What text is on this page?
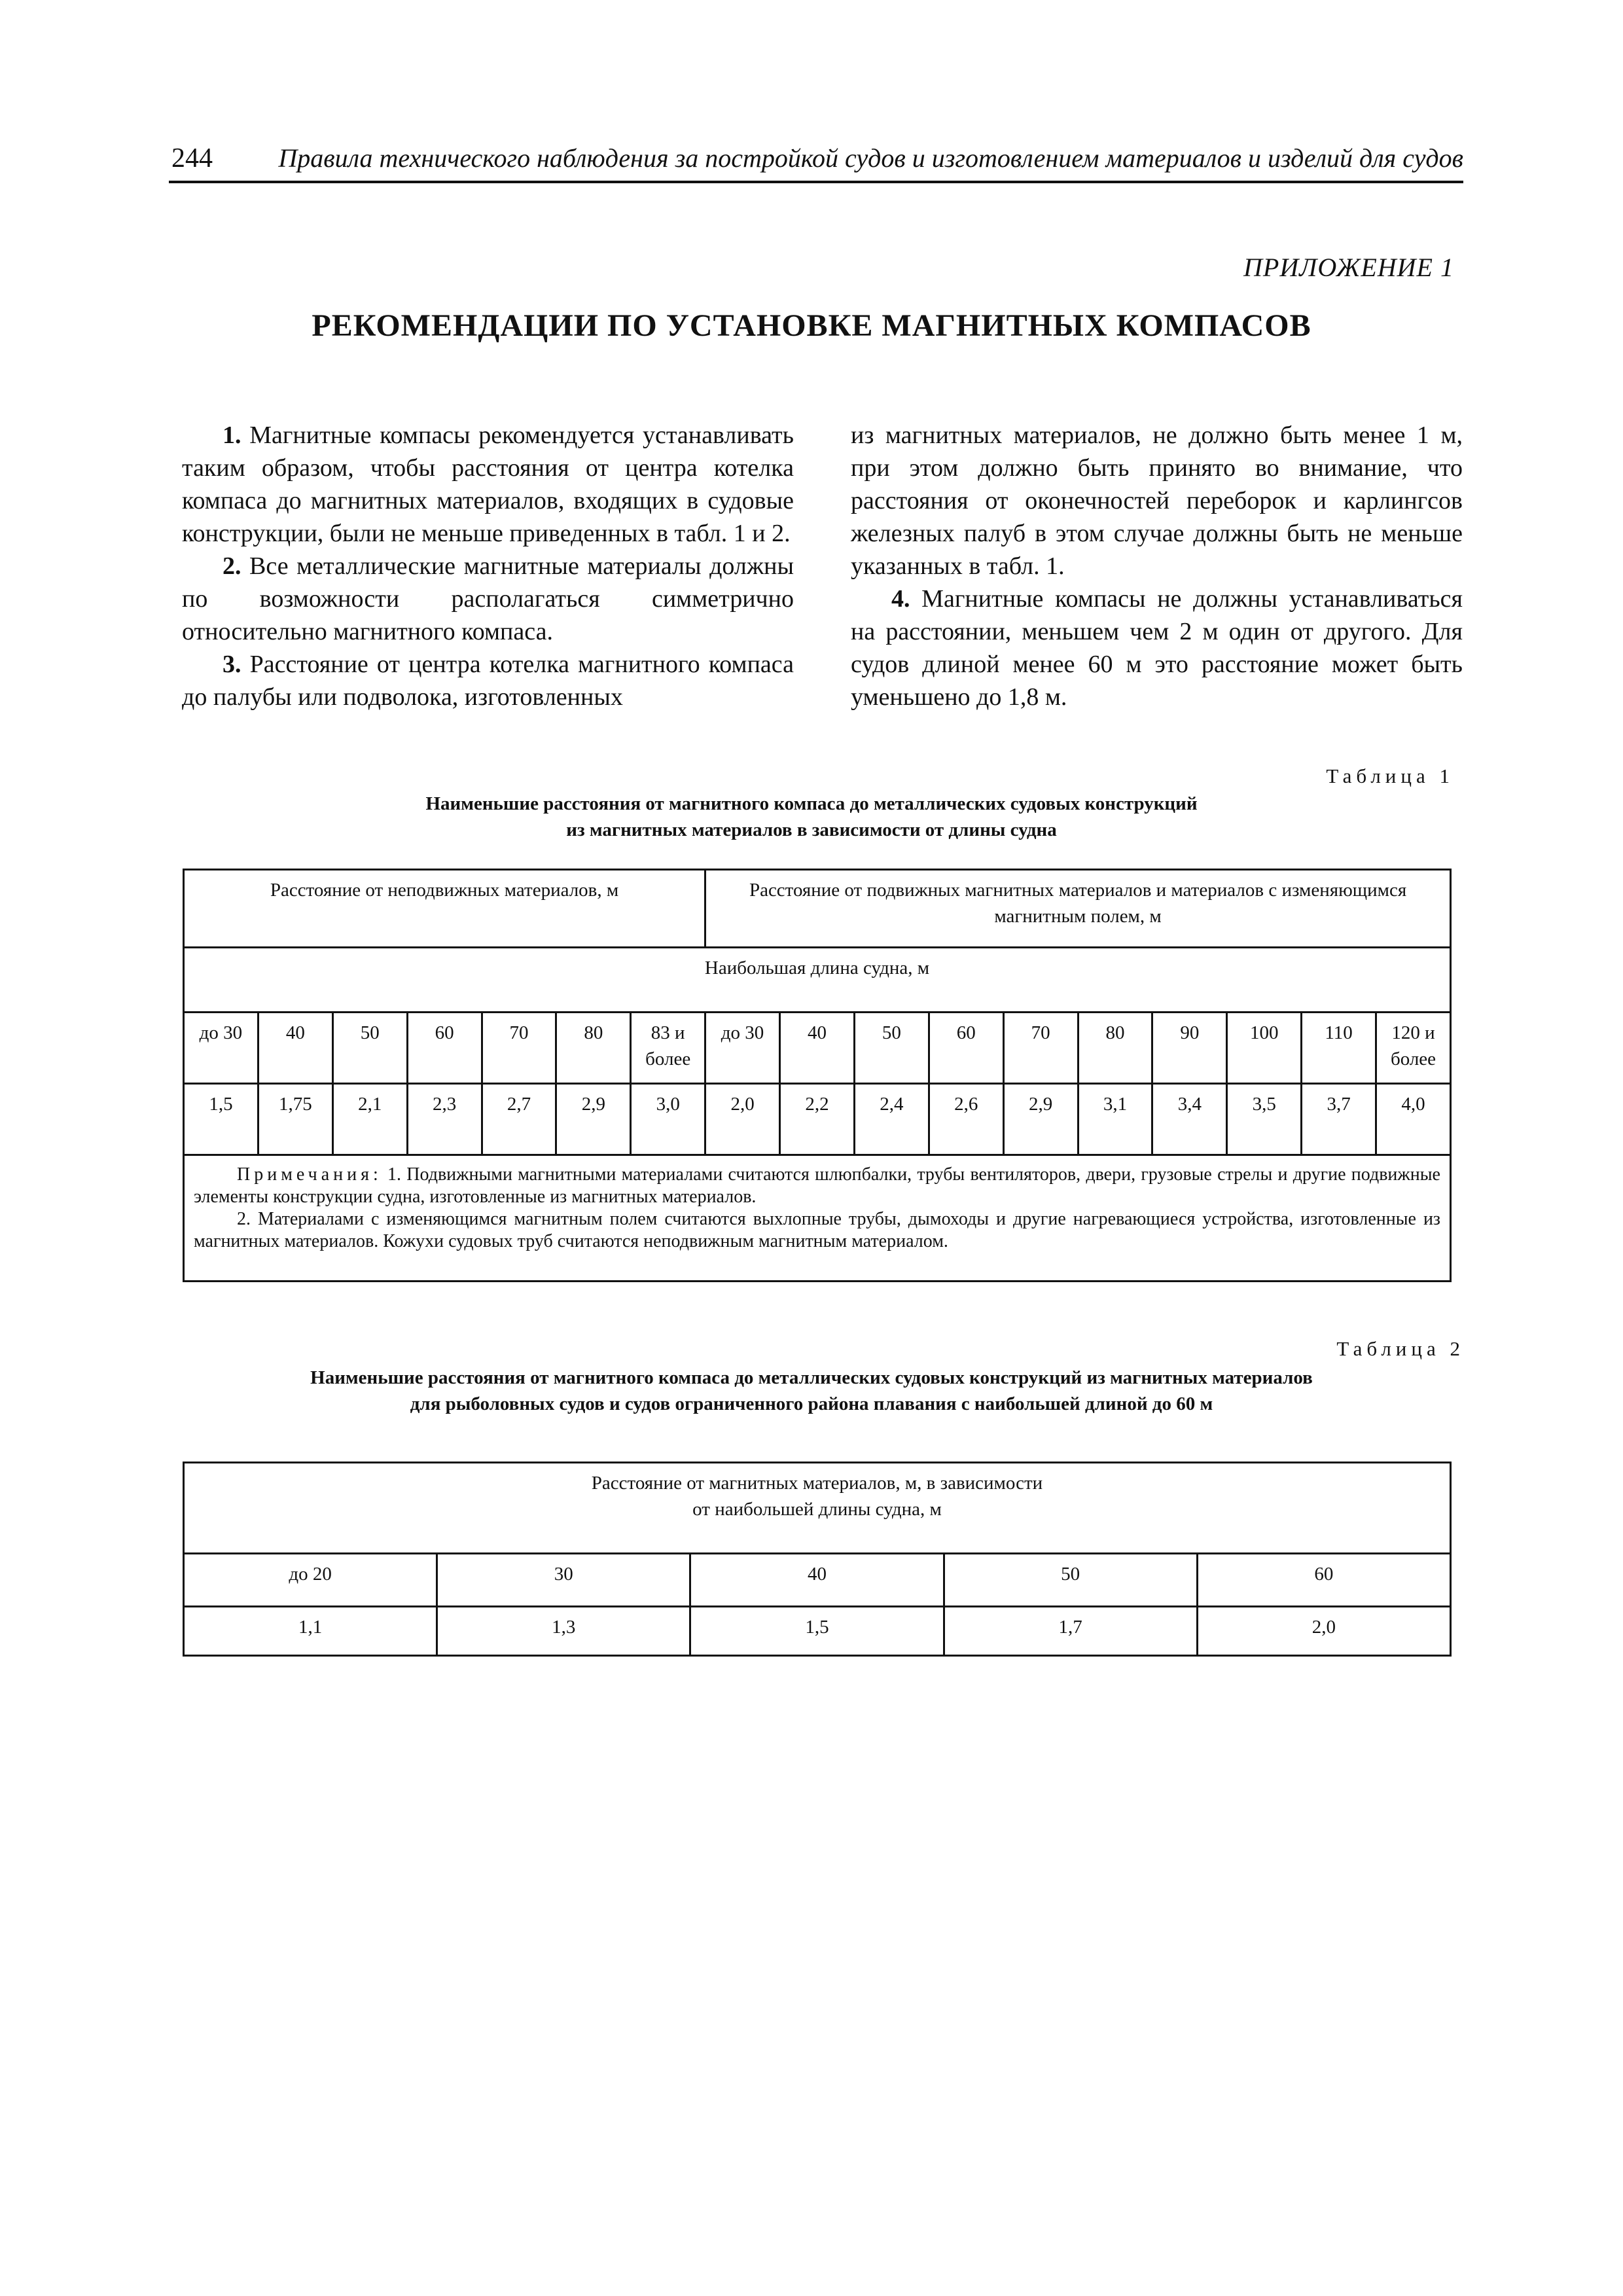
244	Правила технического наблюдения за постройкой судов и изготовлением материалов и изделий для судов
ПРИЛОЖЕНИЕ 1
РЕКОМЕНДАЦИИ ПО УСТАНОВКЕ МАГНИТНЫХ КОМПАСОВ

1. Магнитные компасы рекомендуется устанавливать таким образом, чтобы расстояния от центра котелка компаса до магнитных материалов, входящих в судовые конструкции, были не меньше приведенных в табл. 1 и 2.

2. Все металлические магнитные материалы должны по возможности располагаться симметрично относительно магнитного компаса.

3. Расстояние от центра котелка магнитного компаса до палубы или подволока, изготовленных

из магнитных материалов, не должно быть менее 1 м, при этом должно быть принято во внимание, что расстояния от оконечностей переборок и карлингсов железных палуб в этом случае должны быть не меньше указанных в табл. 1.

4. Магнитные компасы не должны устанавливаться на расстоянии, меньшем чем 2 м один от другого. Для судов длиной менее 60 м это расстояние может быть уменьшено до 1,8 м.

Таблица 1
Наименьшие расстояния от магнитного компаса до металлических судовых конструкций
из магнитных материалов в зависимости от длины судна
Расстояние от неподвижных материалов, м							Расстояние от подвижных магнитных материалов и материалов с изменяющимся магнитным полем, м									
Наибольшая длина судна, м																
до 30	40	50	60	70	80	83 и более	до 30	40	50	60	70	80	90	100	110	120 и более
1,5	1,75	2,1	2,3	2,7	2,9	3,0	2,0	2,2	2,4	2,6	2,9	3,1	3,4	3,5	3,7	4,0

Примечания: 1. Подвижными магнитными материалами считаются шлюпбалки, трубы вентиляторов, двери, грузовые стрелы и другие подвижные элементы конструкции судна, изготовленные из магнитных материалов.

2. Материалами с изменяющимся магнитным полем считаются выхлопные трубы, дымоходы и другие нагревающиеся устройства, изготовленные из магнитных материалов. Кожухи судовых труб считаются неподвижным магнитным материалом.																

Таблица 2
Наименьшие расстояния от магнитного компаса до металлических судовых конструкций из магнитных материалов
для рыболовных судов и судов ограниченного района плавания с наибольшей длиной до 60 м
Расстояние от магнитных материалов, м, в зависимости
от наибольшей длины судна, м				
до 20	30	40	50	60
1,1	1,3	1,5	1,7	2,0
